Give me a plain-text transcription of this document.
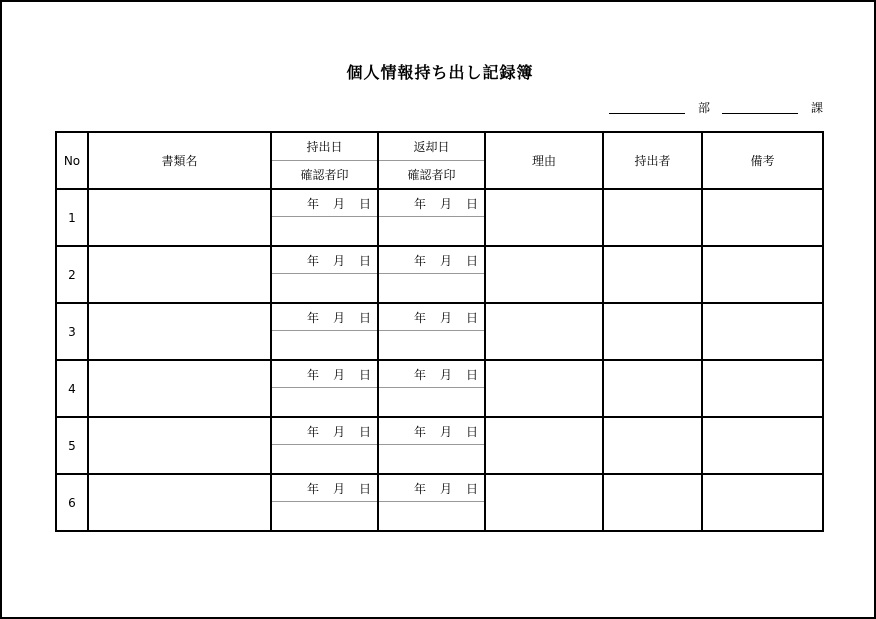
個人情報持ち出し記録簿
部	課
No	書類名	持出日	返却日	理由	持出者	備考
		確認者印	確認者印			
1		年 月 日	年 月 日			

2		年 月 日	年 月 日			

3		年 月 日	年 月 日			

4		年 月 日	年 月 日			

5		年 月 日	年 月 日			

6		年 月 日	年 月 日			
